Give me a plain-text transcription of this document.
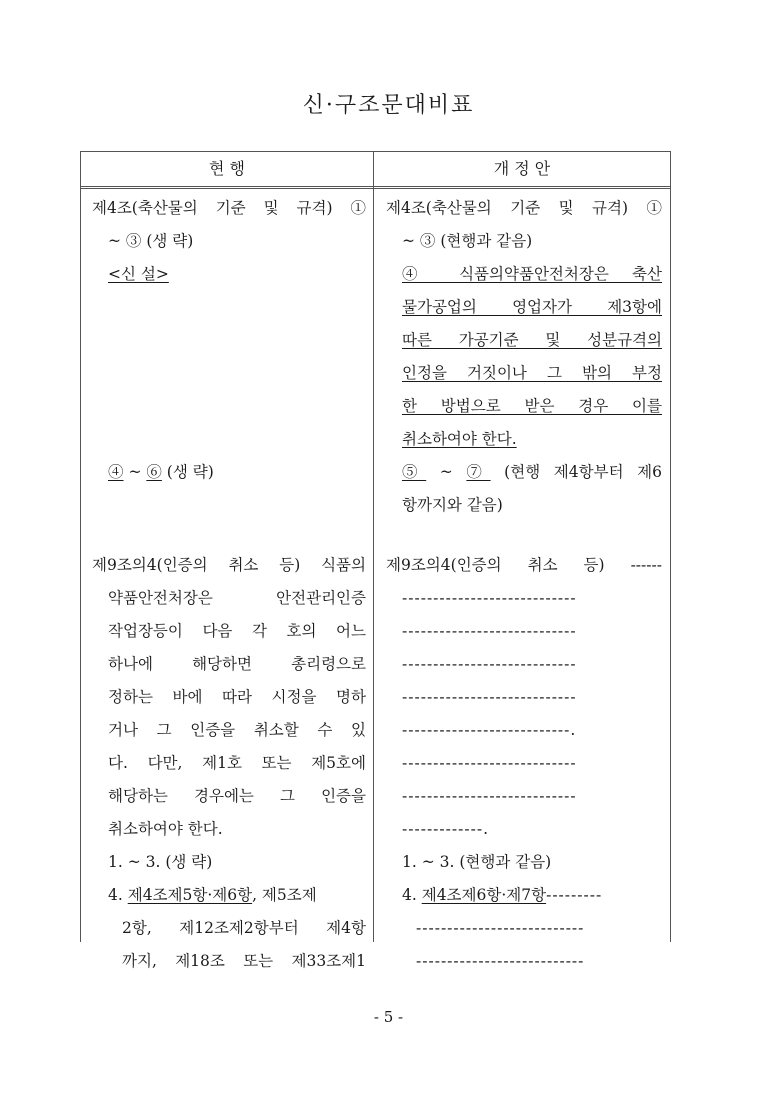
신·구조문대비표
현 행	개 정 안
제4조(축산물의 기준 및 규격) ①
~ ③ (생 략)
<신 설>
④ ~ ⑥ (생 략)
제9조의4(인증의 취소 등) 식품의
약품안전처장은 안전관리인증
작업장등이 다음 각 호의 어느
하나에 해당하면 총리령으로
정하는 바에 따라 시정을 명하
거나 그 인증을 취소할 수 있
다. 다만, 제1호 또는 제5호에
해당하는 경우에는 그 인증을
취소하여야 한다.
1. ~ 3. (생 략)
4. 제4조제5항·제6항, 제5조제
2항, 제12조제2항부터 제4항
까지, 제18조 또는 제33조제1
제4조(축산물의 기준 및 규격) ①
~ ③ (현행과 같음)
④ 식품의약품안전처장은 축산
물가공업의 영업자가 제3항에
따른 가공기준 및 성분규격의
인정을 거짓이나 그 밖의 부정
한 방법으로 받은 경우 이를
취소하여야 한다.
⑤ ~ ⑦ (현행 제4항부터 제6
항까지와 같음)
제9조의4(인증의 취소 등) ------
----------------------------
----------------------------
----------------------------
----------------------------
---------------------------.
----------------------------
----------------------------
-------------.
1. ~ 3. (현행과 같음)
4. 제4조제6항·제7항---------
---------------------------
---------------------------
- 5 -
